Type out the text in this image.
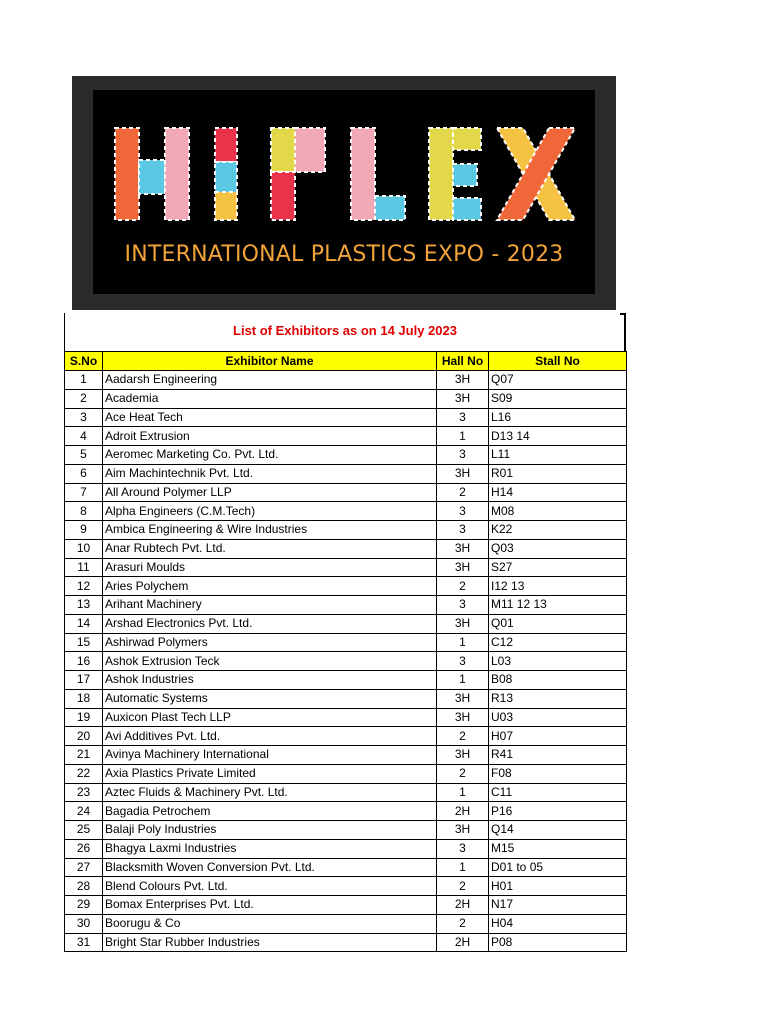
INTERNATIONAL PLASTICS EXPO - 2023
List of Exhibitors as on 14 July 2023
S.No	Exhibitor Name	Hall No	Stall No
1	Aadarsh Engineering	3H	Q07
2	Academia	3H	S09
3	Ace Heat Tech	3	L16
4	Adroit Extrusion	1	D13 14
5	Aeromec Marketing Co. Pvt. Ltd.	3	L11
6	Aim Machintechnik Pvt. Ltd.	3H	R01
7	All Around Polymer LLP	2	H14
8	Alpha Engineers (C.M.Tech)	3	M08
9	Ambica Engineering & Wire Industries	3	K22
10	Anar Rubtech Pvt. Ltd.	3H	Q03
11	Arasuri Moulds	3H	S27
12	Aries Polychem	2	I12 13
13	Arihant Machinery	3	M11 12 13
14	Arshad Electronics Pvt. Ltd.	3H	Q01
15	Ashirwad Polymers	1	C12
16	Ashok Extrusion Teck	3	L03
17	Ashok Industries	1	B08
18	Automatic Systems	3H	R13
19	Auxicon Plast Tech LLP	3H	U03
20	Avi Additives Pvt. Ltd.	2	H07
21	Avinya Machinery International	3H	R41
22	Axia Plastics Private Limited	2	F08
23	Aztec Fluids & Machinery Pvt. Ltd.	1	C11
24	Bagadia Petrochem	2H	P16
25	Balaji Poly Industries	3H	Q14
26	Bhagya Laxmi Industries	3	M15
27	Blacksmith Woven Conversion Pvt. Ltd.	1	D01 to 05
28	Blend Colours Pvt. Ltd.	2	H01
29	Bomax Enterprises Pvt. Ltd.	2H	N17
30	Boorugu & Co	2	H04
31	Bright Star Rubber Industries	2H	P08
